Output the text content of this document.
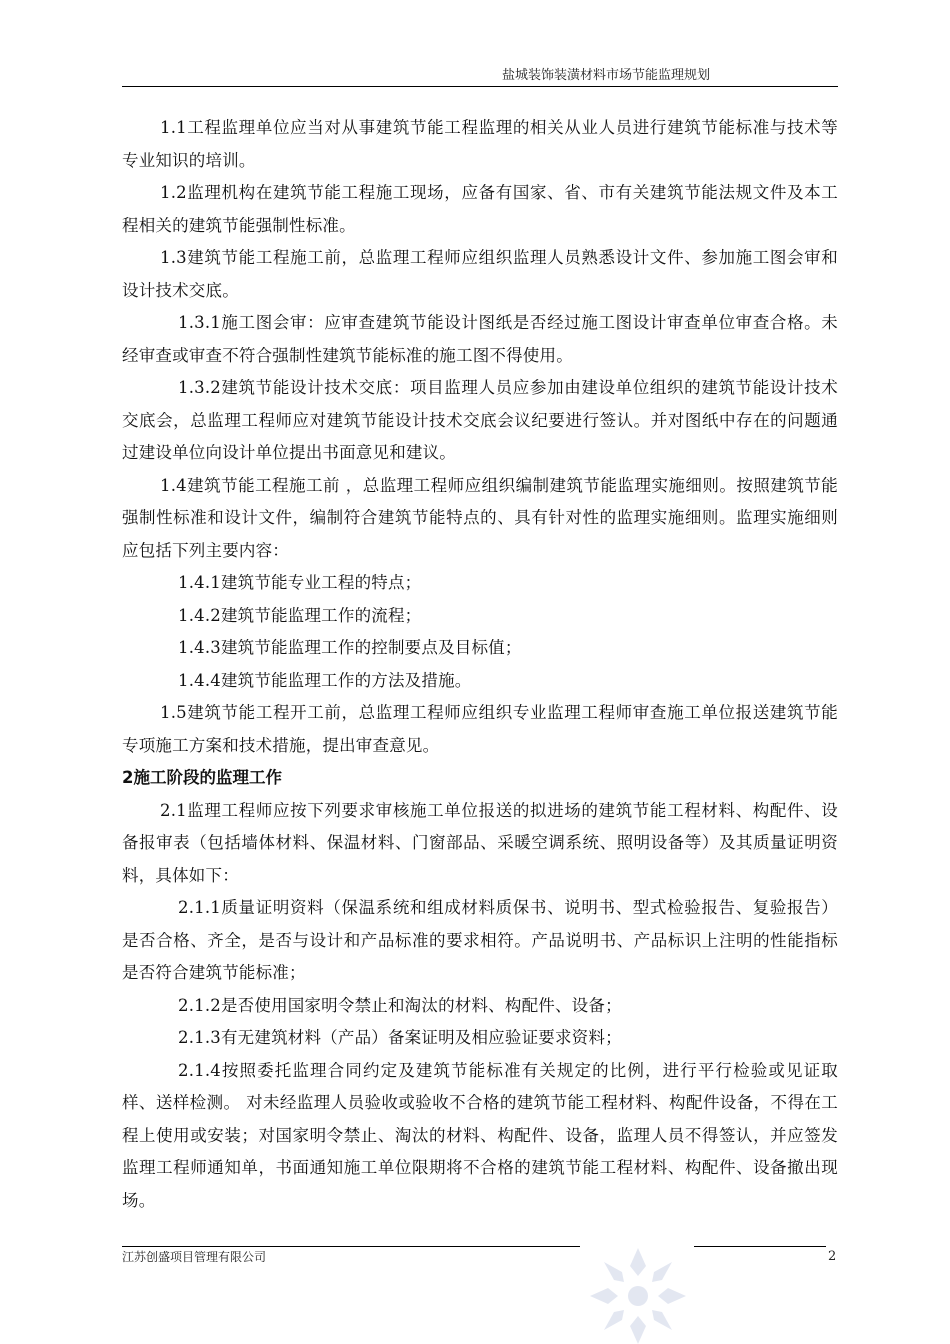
盐城装饰装潢材料市场节能监理规划

1.1工程监理单位应当对从事建筑节能工程监理的相关从业人员进行建筑节能标准与技术等专业知识的培训。

1.2监理机构在建筑节能工程施工现场，应备有国家、省、市有关建筑节能法规文件及本工程相关的建筑节能强制性标准。

1.3建筑节能工程施工前，总监理工程师应组织监理人员熟悉设计文件、参加施工图会审和设计技术交底。

1.3.1施工图会审：应审查建筑节能设计图纸是否经过施工图设计审查单位审查合格。未经审查或审查不符合强制性建筑节能标准的施工图不得使用。

1.3.2建筑节能设计技术交底：项目监理人员应参加由建设单位组织的建筑节能设计技术交底会，总监理工程师应对建筑节能设计技术交底会议纪要进行签认。并对图纸中存在的问题通过建设单位向设计单位提出书面意见和建议。

1.4建筑节能工程施工前 ，总监理工程师应组织编制建筑节能监理实施细则。按照建筑节能强制性标准和设计文件，编制符合建筑节能特点的、具有针对性的监理实施细则。监理实施细则应包括下列主要内容：

1.4.1建筑节能专业工程的特点；

1.4.2建筑节能监理工作的流程；

1.4.3建筑节能监理工作的控制要点及目标值；

1.4.4建筑节能监理工作的方法及措施。

1.5建筑节能工程开工前，总监理工程师应组织专业监理工程师审查施工单位报送建筑节能专项施工方案和技术措施，提出审查意见。

2施工阶段的监理工作

2.1监理工程师应按下列要求审核施工单位报送的拟进场的建筑节能工程材料、构配件、设备报审表（包括墙体材料、保温材料、门窗部品、采暖空调系统、照明设备等）及其质量证明资料，具体如下：

2.1.1质量证明资料（保温系统和组成材料质保书、说明书、型式检验报告、复验报告）是否合格、齐全，是否与设计和产品标准的要求相符。产品说明书、产品标识上注明的性能指标是否符合建筑节能标准；

2.1.2是否使用国家明令禁止和淘汰的材料、构配件、设备；

2.1.3有无建筑材料（产品）备案证明及相应验证要求资料；

2.1.4按照委托监理合同约定及建筑节能标准有关规定的比例，进行平行检验或见证取样、送样检测。 对未经监理人员验收或验收不合格的建筑节能工程材料、构配件设备，不得在工程上使用或安装；对国家明令禁止、淘汰的材料、构配件、设备，监理人员不得签认，并应签发监理工程师通知单，书面通知施工单位限期将不合格的建筑节能工程材料、构配件、设备撤出现场。

江苏创盛项目管理有限公司	2
